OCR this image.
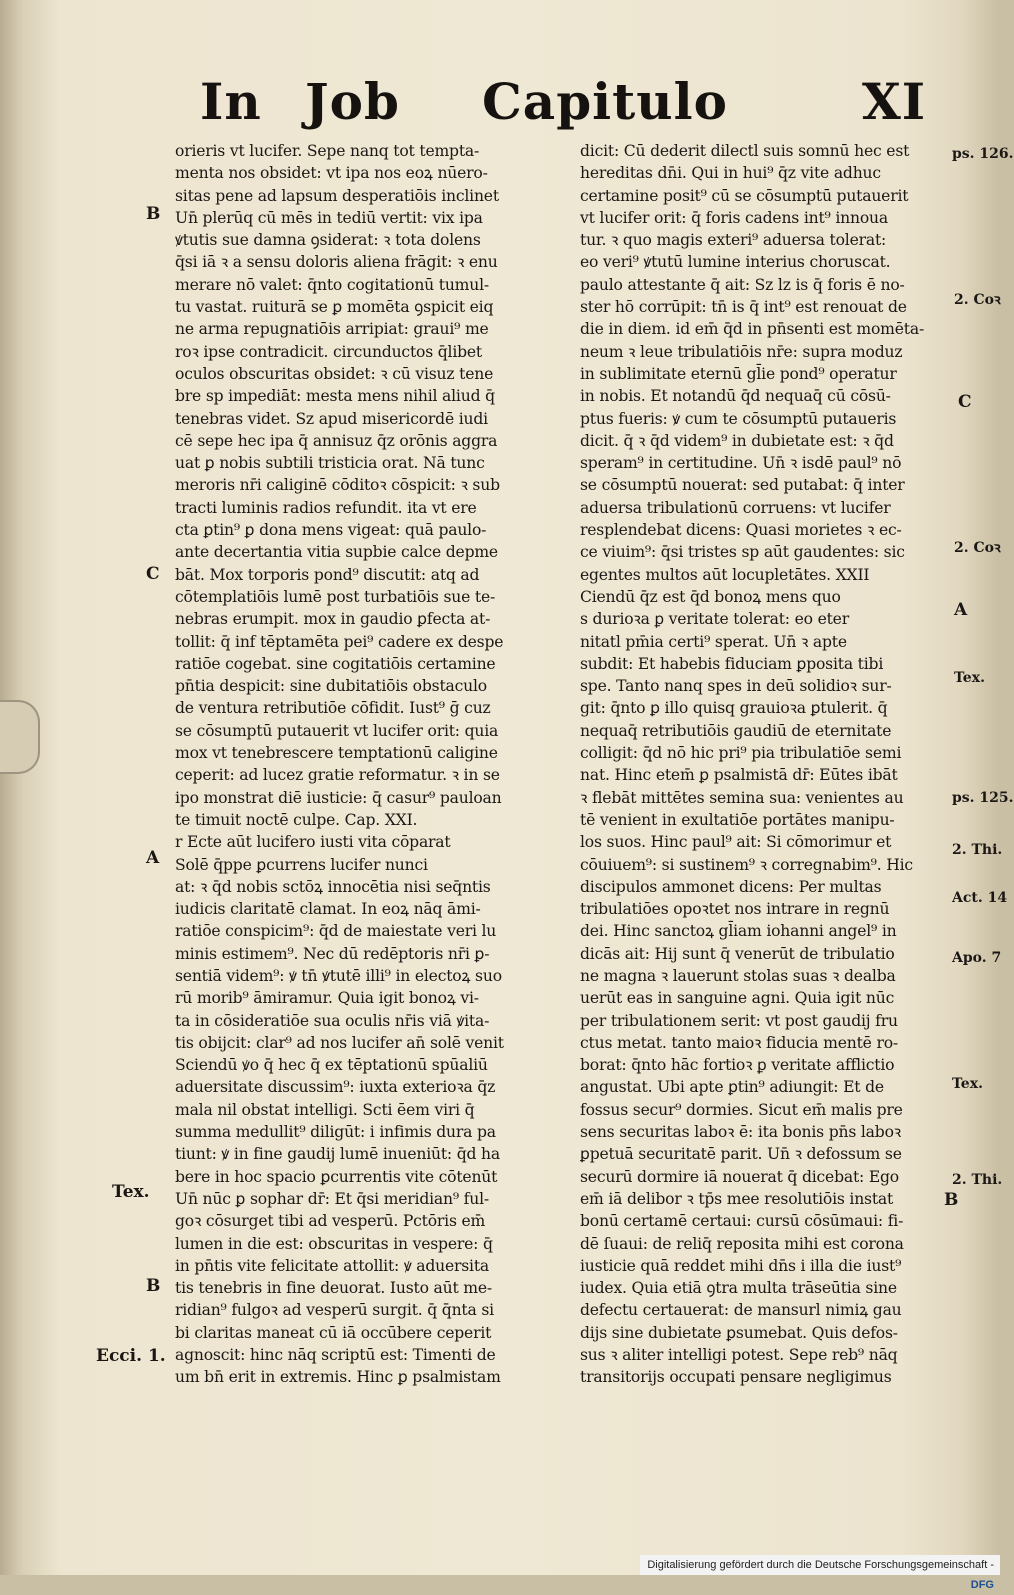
In Job Capitulo	XI
orieris vt lucifer. Sepe nanq tot tempta-
menta nos obsidet: vt ipa nos eoꝝ nūero-
sitas pene ad lapsum desperatiōis inclinet
Un̄ plerūq cū mēs in tediū vertit: vix ipa
ꝟtutis sue damna ꝯsiderat: ꝛ tota dolens
q̄si iā ꝛ a sensu doloris aliena frāgit: ꝛ enu
merare nō valet: q̄nto cogitationū tumul-
tu vastat. ruiturā se ꝑ momēta ꝯspicit eiq
ne arma repugnatiōis arripiat: graui⁹ me
roꝛ ipse contradicit. circunductos q̄libet
oculos obscuritas obsidet: ꝛ cū visuz tene
bre sp impediāt: mesta mens nihil aliud q̄
tenebras videt. Sz apud misericordē iudi
cē sepe hec ipa q̄ annisuz q̄z orōnis aggra
uat ꝑ nobis subtili tristicia orat. Nā tunc
meroris nr̄i caliginē cōditoꝛ cōspicit: ꝛ sub
tracti luminis radios refundit. ita vt ere
cta ꝑtin⁹ ꝑ dona mens vigeat: quā paulo-
ante decertantia vitia supbie calce depme
bāt. Mox torporis pond⁹ discutit: atq ad
cōtemplatiōis lumē post turbatiōis sue te-
nebras erumpit. mox in gaudio ꝑfecta at-
tollit: q̄ inf tēptamēta pei⁹ cadere ex despe
ratiōe cogebat. sine cogitatiōis certamine
pn̄tia despicit: sine dubitatiōis obstaculo
de ventura retributiōe cōfidit. Iust⁹ ḡ cuz
se cōsumptū putauerit vt lucifer orit: quia
mox vt tenebrescere temptationū caligine
ceperit: ad lucez gratie reformatur. ꝛ in se
ipo monstrat diē iusticie: q̄ casur⁹ pauloan
te timuit noctē culpe. Cap. XXI.
r Ecte aūt lucifero iusti vita cōparat
Solē q̄ppe ꝑcurrens lucifer nunci
at: ꝛ q̄d nobis sctōꝝ innocētia nisi seq̄ntis
iudicis claritatē clamat. In eoꝝ nāq āmi-
ratiōe conspicim⁹: q̄d de maiestate veri lu
minis estimem⁹. Nec dū redēptoris nr̄i ꝑ-
sentiā videm⁹: ꝟ tn̄ ꝟtutē illi⁹ in electoꝝ suo
rū morib⁹ āmiramur. Quia igit bonoꝝ vi-
ta in cōsideratiōe sua oculis nr̄is viā ꝟita-
tis obijcit: clar⁹ ad nos lucifer an̄ solē venit
Sciendū ꝟo q̄ hec q̄ ex tēptationū spūaliū
aduersitate discussim⁹: iuxta exterioꝛa q̄z
mala nil obstat intelligi. Scti ēem viri q̄
summa medullit⁹ diligūt: i infimis dura pa
tiunt: ꝟ in fine gaudij lumē inueniūt: q̄d ha
bere in hoc spacio ꝑcurrentis vite cōtenūt
Un̄ nūc ꝑ sophar dr̄: Et q̄si meridian⁹ ful-
goꝛ cōsurget tibi ad vesperū. Pctōris em̄
lumen in die est: obscuritas in vespere: q̄
in pn̄tis vite felicitate attollit: ꝟ aduersita
tis tenebris in fine deuorat. Iusto aūt me-
ridian⁹ fulgoꝛ ad vesperū surgit. q̄ q̄nta si
bi claritas maneat cū iā occūbere ceperit
agnoscit: hinc nāq scriptū est: Timenti de
um bn̄ erit in extremis. Hinc ꝑ psalmistam
dicit: Cū dederit dilectl suis somnū hec est
hereditas dn̄i. Qui in hui⁹ q̄z vite adhuc
certamine posit⁹ cū se cōsumptū putauerit
vt lucifer orit: q̄ foris cadens int⁹ innoua
tur. ꝛ quo magis exteri⁹ aduersa tolerat:
eo veri⁹ ꝟtutū lumine interius choruscat.
paulo attestante q̄ ait: Sz lz is q̄ foris ē no-
ster hō corrūpit: tn̄ is q̄ int⁹ est renouat de
die in diem. id em̄ q̄d in pn̄senti est momēta-
neum ꝛ leue tribulatiōis nr̄e: supra moduz
in sublimitate eternū gl̄ie pond⁹ operatur
in nobis. Et notandū q̄d nequaq̄ cū cōsū-
ptus fueris: ꝟ cum te cōsumptū putaueris
dicit. q̄ ꝛ q̄d videm⁹ in dubietate est: ꝛ q̄d
speram⁹ in certitudine. Un̄ ꝛ isdē paul⁹ nō
se cōsumptū nouerat: sed putabat: q̄ inter
aduersa tribulationū corruens: vt lucifer
resplendebat dicens: Quasi morietes ꝛ ec-
ce viuim⁹: q̄si tristes sp aūt gaudentes: sic
egentes multos aūt locupletātes. XXII
Ciendū q̄z est q̄d bonoꝝ mens quo
s durioꝛa ꝑ veritate tolerat: eo eter
nitatl pm̄ia certi⁹ sperat. Un̄ ꝛ apte
subdit: Et habebis fiduciam ꝑposita tibi
spe. Tanto nanq spes in deū solidioꝛ sur-
git: q̄nto ꝑ illo quisq grauioꝛa ꝑtulerit. q̄
nequaq̄ retributiōis gaudiū de eternitate
colligit: q̄d nō hic pri⁹ pia tribulatiōe semi
nat. Hinc etem̄ ꝑ psalmistā dr̄: Eūtes ibāt
ꝛ flebāt mittētes semina sua: venientes au
tē venient in exultatiōe portātes manipu-
los suos. Hinc paul⁹ ait: Si cōmorimur et
cōuiuem⁹: si sustinem⁹ ꝛ corregnabim⁹. Hic
discipulos ammonet dicens: Per multas
tribulatiōes opoꝛtet nos intrare in regnū
dei. Hinc sanctoꝝ gl̄iam iohanni angel⁹ in
dicās ait: Hij sunt q̄ venerūt de tribulatio
ne magna ꝛ lauerunt stolas suas ꝛ dealba
uerūt eas in sanguine agni. Quia igit nūc
per tribulationem serit: vt post gaudij fru
ctus metat. tanto maioꝛ fiducia mentē ro-
borat: q̄nto hāc fortioꝛ ꝑ veritate afflictio
angustat. Ubi apte ꝑtin⁹ adiungit: Et de
fossus secur⁹ dormies. Sicut em̄ malis pre
sens securitas laboꝛ ē: ita bonis pn̄s laboꝛ
ꝑpetuā securitatē parit. Un̄ ꝛ defossum se
securū dormire iā nouerat q̄ dicebat: Ego
em̄ iā delibor ꝛ tp̄s mee resolutiōis instat
bonū certamē certaui: cursū cōsūmaui: fi-
dē ſuaui: de reliq̄ reposita mihi est corona
iusticie quā reddet mihi dn̄s i illa die iust⁹
iudex. Quia etiā ꝯtra multa trāseūtia sine
defectu certauerat: de mansurl nimiꝝ gau
dijs sine dubietate ꝑsumebat. Quis defos-
sus ꝛ aliter intelligi potest. Sepe reb⁹ nāq
transitorijs occupati pensare negligimus
B
C
A
Tex.
B
Ecci. 1.
ps. 126.
2. Coꝛ
C
2. Coꝛ
A
Tex.
ps. 125.
2. Thi.
Act. 14
Apo. 7
Tex.
2. Thi.
B
Digitalisierung gefördert durch die Deutsche Forschungsgemeinschaft -DFG
